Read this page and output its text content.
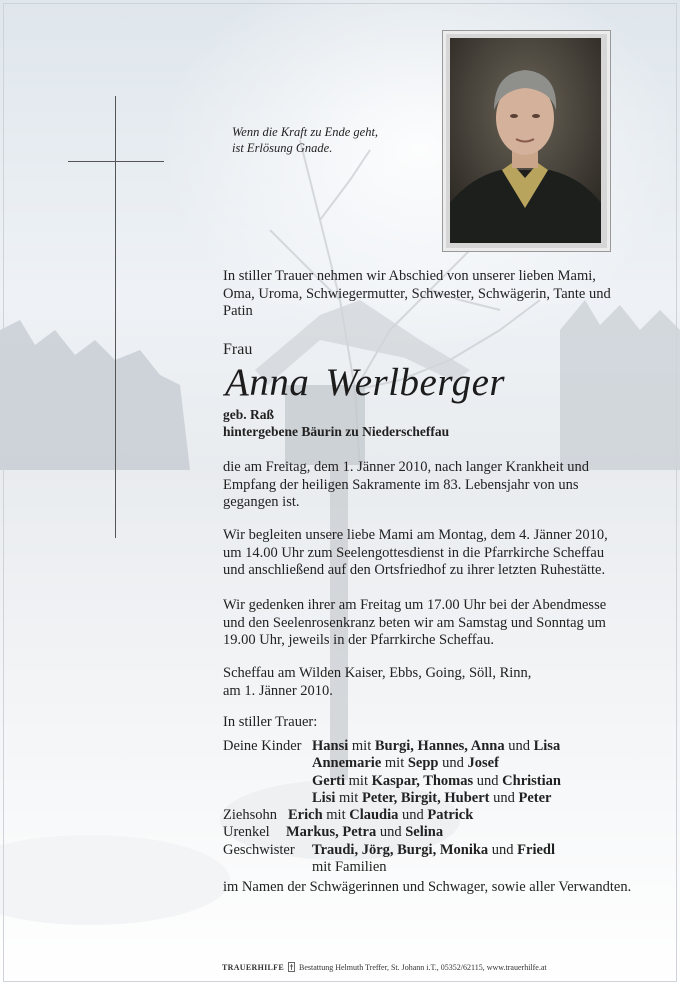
Wenn die Kraft zu Ende geht,
ist Erlösung Gnade.
In stiller Trauer nehmen wir Abschied von unserer lieben Mami,
Oma, Uroma, Schwiegermutter, Schwester, Schwägerin, Tante und
Patin
Frau
Anna Werlberger
geb. Raß
hintergebene Bäurin zu Niederscheffau
die am Freitag, dem 1. Jänner 2010, nach langer Krankheit und
Empfang der heiligen Sakramente im 83. Lebensjahr von uns
gegangen ist.
Wir begleiten unsere liebe Mami am Montag, dem 4. Jänner 2010,
um 14.00 Uhr zum Seelengottesdienst in die Pfarrkirche Scheffau
und anschließend auf den Ortsfriedhof zu ihrer letzten Ruhestätte.
Wir gedenken ihrer am Freitag um 17.00 Uhr bei der Abendmesse
und den Seelenrosenkranz beten wir am Samstag und Sonntag um
19.00 Uhr, jeweils in der Pfarrkirche Scheffau.
Scheffau am Wilden Kaiser, Ebbs, Going, Söll, Rinn,
am 1. Jänner 2010.
In stiller Trauer:
Deine Kinder Hansi mit Burgi, Hannes, Anna und Lisa
Annemarie mit Sepp und Josef
Gerti mit Kaspar, Thomas und Christian
Lisi mit Peter, Birgit, Hubert und Peter
Ziehsohn Erich mit Claudia und Patrick
Urenkel Markus, Petra und Selina
Geschwister Traudi, Jörg, Burgi, Monika und Friedl
mit Familien
im Namen der Schwägerinnen und Schwager, sowie aller Verwandten.
TRAUERHILFE Bestattung Helmuth Treffer, St. Johann i.T., 05352/62115, www.trauerhilfe.at
